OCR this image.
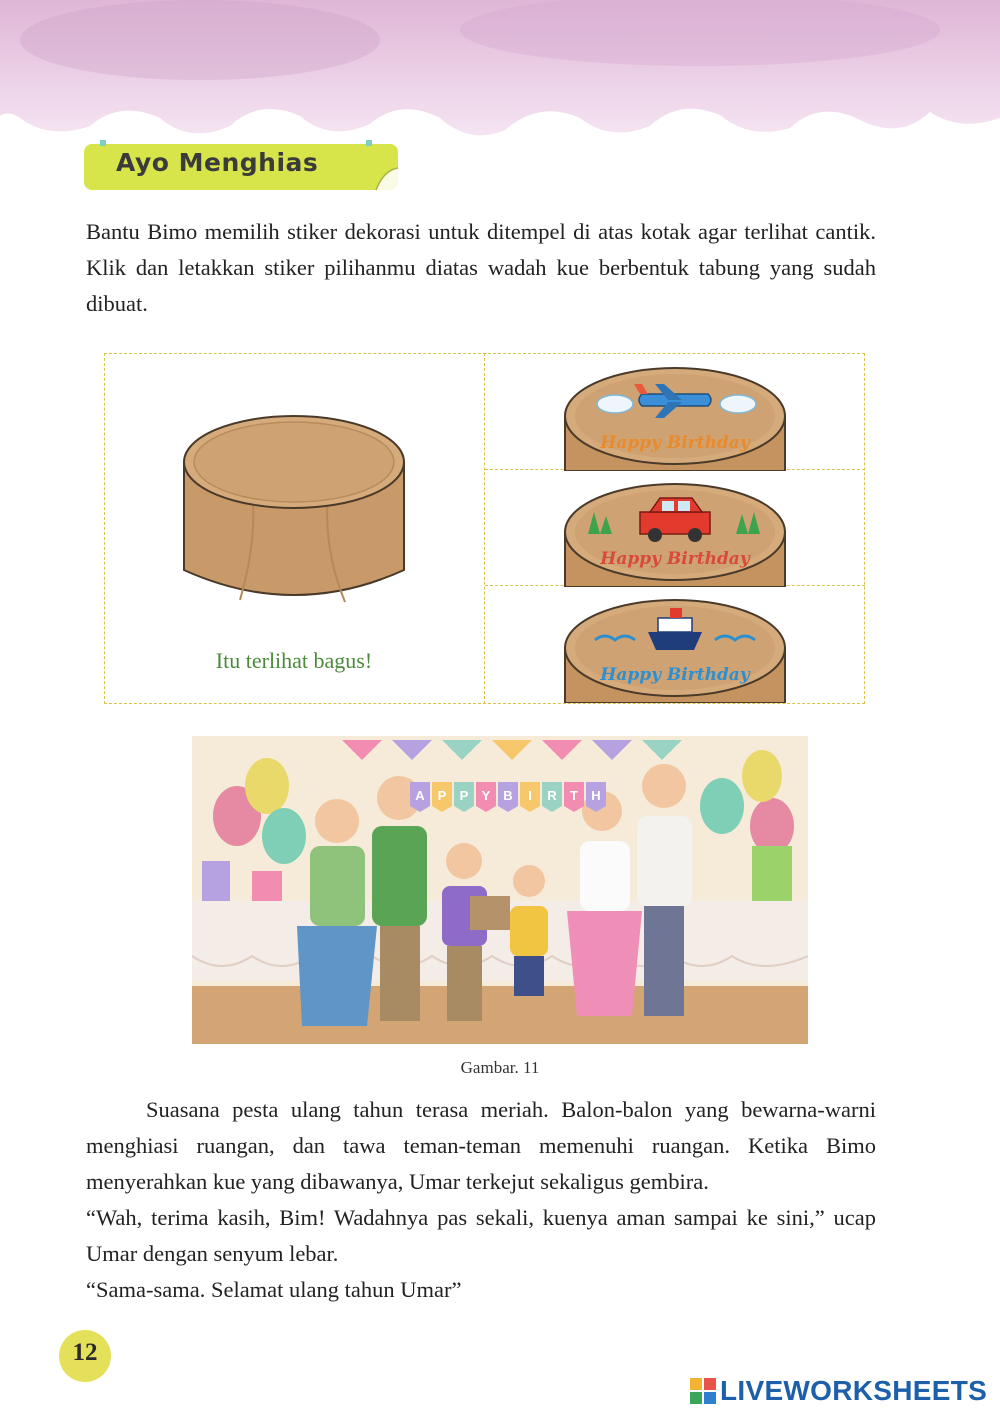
Ayo Menghias
Bantu Bimo memilih stiker dekorasi untuk ditempel di atas kotak agar terlihat cantik. Klik dan letakkan stiker pilihanmu diatas wadah kue berbentuk tabung yang sudah dibuat.
Itu terlihat bagus!
Happy Birthday
Happy Birthday
Happy Birthday
A P P Y B I R T H
Gambar. 11

Suasana pesta ulang tahun terasa meriah. Balon-balon yang bewarna-warni menghiasi ruangan, dan tawa teman-teman memenuhi ruangan. Ketika Bimo menyerahkan kue yang dibawanya, Umar terkejut sekaligus gembira.

“Wah, terima kasih, Bim! Wadahnya pas sekali, kuenya aman sampai ke sini,” ucap Umar dengan senyum lebar.

“Sama-sama. Selamat ulang tahun Umar”

12
LIVEWORKSHEETS
